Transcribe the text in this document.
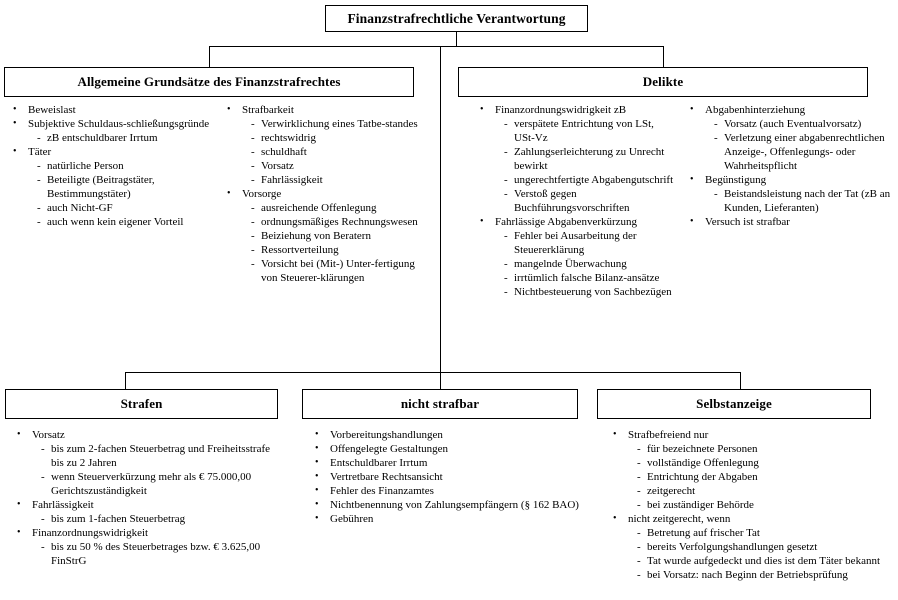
Finanzstrafrechtliche Verantwortung
Allgemeine Grundsätze des Finanzstrafrechtes
•	Beweislast
•	Subjektive Schuldaus-schließungsgründe
- zB entschuldbarer Irrtum
•	Täter
- natürliche Person
- Beteiligte (Beitragstäter, Bestimmungstäter)
- auch Nicht-GF
- auch wenn kein eigener Vorteil
•	Strafbarkeit
- Verwirklichung eines Tatbe-standes
- rechtswidrig
- schuldhaft
- Vorsatz
- Fahrlässigkeit
•	Vorsorge
- ausreichende Offenlegung
- ordnungsmäßiges Rechnungswesen
- Beiziehung von Beratern
- Ressortverteilung
- Vorsicht bei (Mit-) Unter-fertigung von Steuerer-klärungen
Delikte
•	Finanzordnungswidrigkeit zB
- verspätete Entrichtung von LSt, USt-Vz
- Zahlungserleichterung zu Unrecht bewirkt
- ungerechtfertigte Abgabengutschrift
- Verstoß gegen Buchführungsvorschriften
•	Fahrlässige Abgabenverkürzung
- Fehler bei Ausarbeitung der Steuererklärung
- mangelnde Überwachung
- irrtümlich falsche Bilanz-ansätze
- Nichtbesteuerung von Sachbezügen
•	Abgabenhinterziehung
- Vorsatz (auch Eventualvorsatz)
- Verletzung einer abgabenrechtlichen Anzeige-, Offenlegungs- oder Wahrheitspflicht
•	Begünstigung
- Beistandsleistung nach der Tat (zB an Kunden, Lieferanten)
•	Versuch ist strafbar
Strafen
•	Vorsatz
- bis zum 2-fachen Steuerbetrag und Freiheitsstrafe bis zu 2 Jahren
- wenn Steuerverkürzung mehr als € 75.000,00 Gerichtszuständigkeit
•	Fahrlässigkeit
- bis zum 1-fachen Steuerbetrag
•	Finanzordnungswidrigkeit
- bis zu 50 % des Steuerbetrages bzw. € 3.625,00 FinStrG
nicht strafbar
•	Vorbereitungshandlungen
•	Offengelegte Gestaltungen
•	Entschuldbarer Irrtum
•	Vertretbare Rechtsansicht
•	Fehler des Finanzamtes
•	Nichtbenennung von Zahlungsempfängern (§ 162 BAO)
•	Gebühren
Selbstanzeige
•	Strafbefreiend nur
- für bezeichnete Personen
- vollständige Offenlegung
- Entrichtung der Abgaben
- zeitgerecht
- bei zuständiger Behörde
•	nicht zeitgerecht, wenn
- Betretung auf frischer Tat
- bereits Verfolgungshandlungen gesetzt
- Tat wurde aufgedeckt und dies ist dem Täter bekannt
- bei Vorsatz: nach Beginn der Betriebsprüfung
